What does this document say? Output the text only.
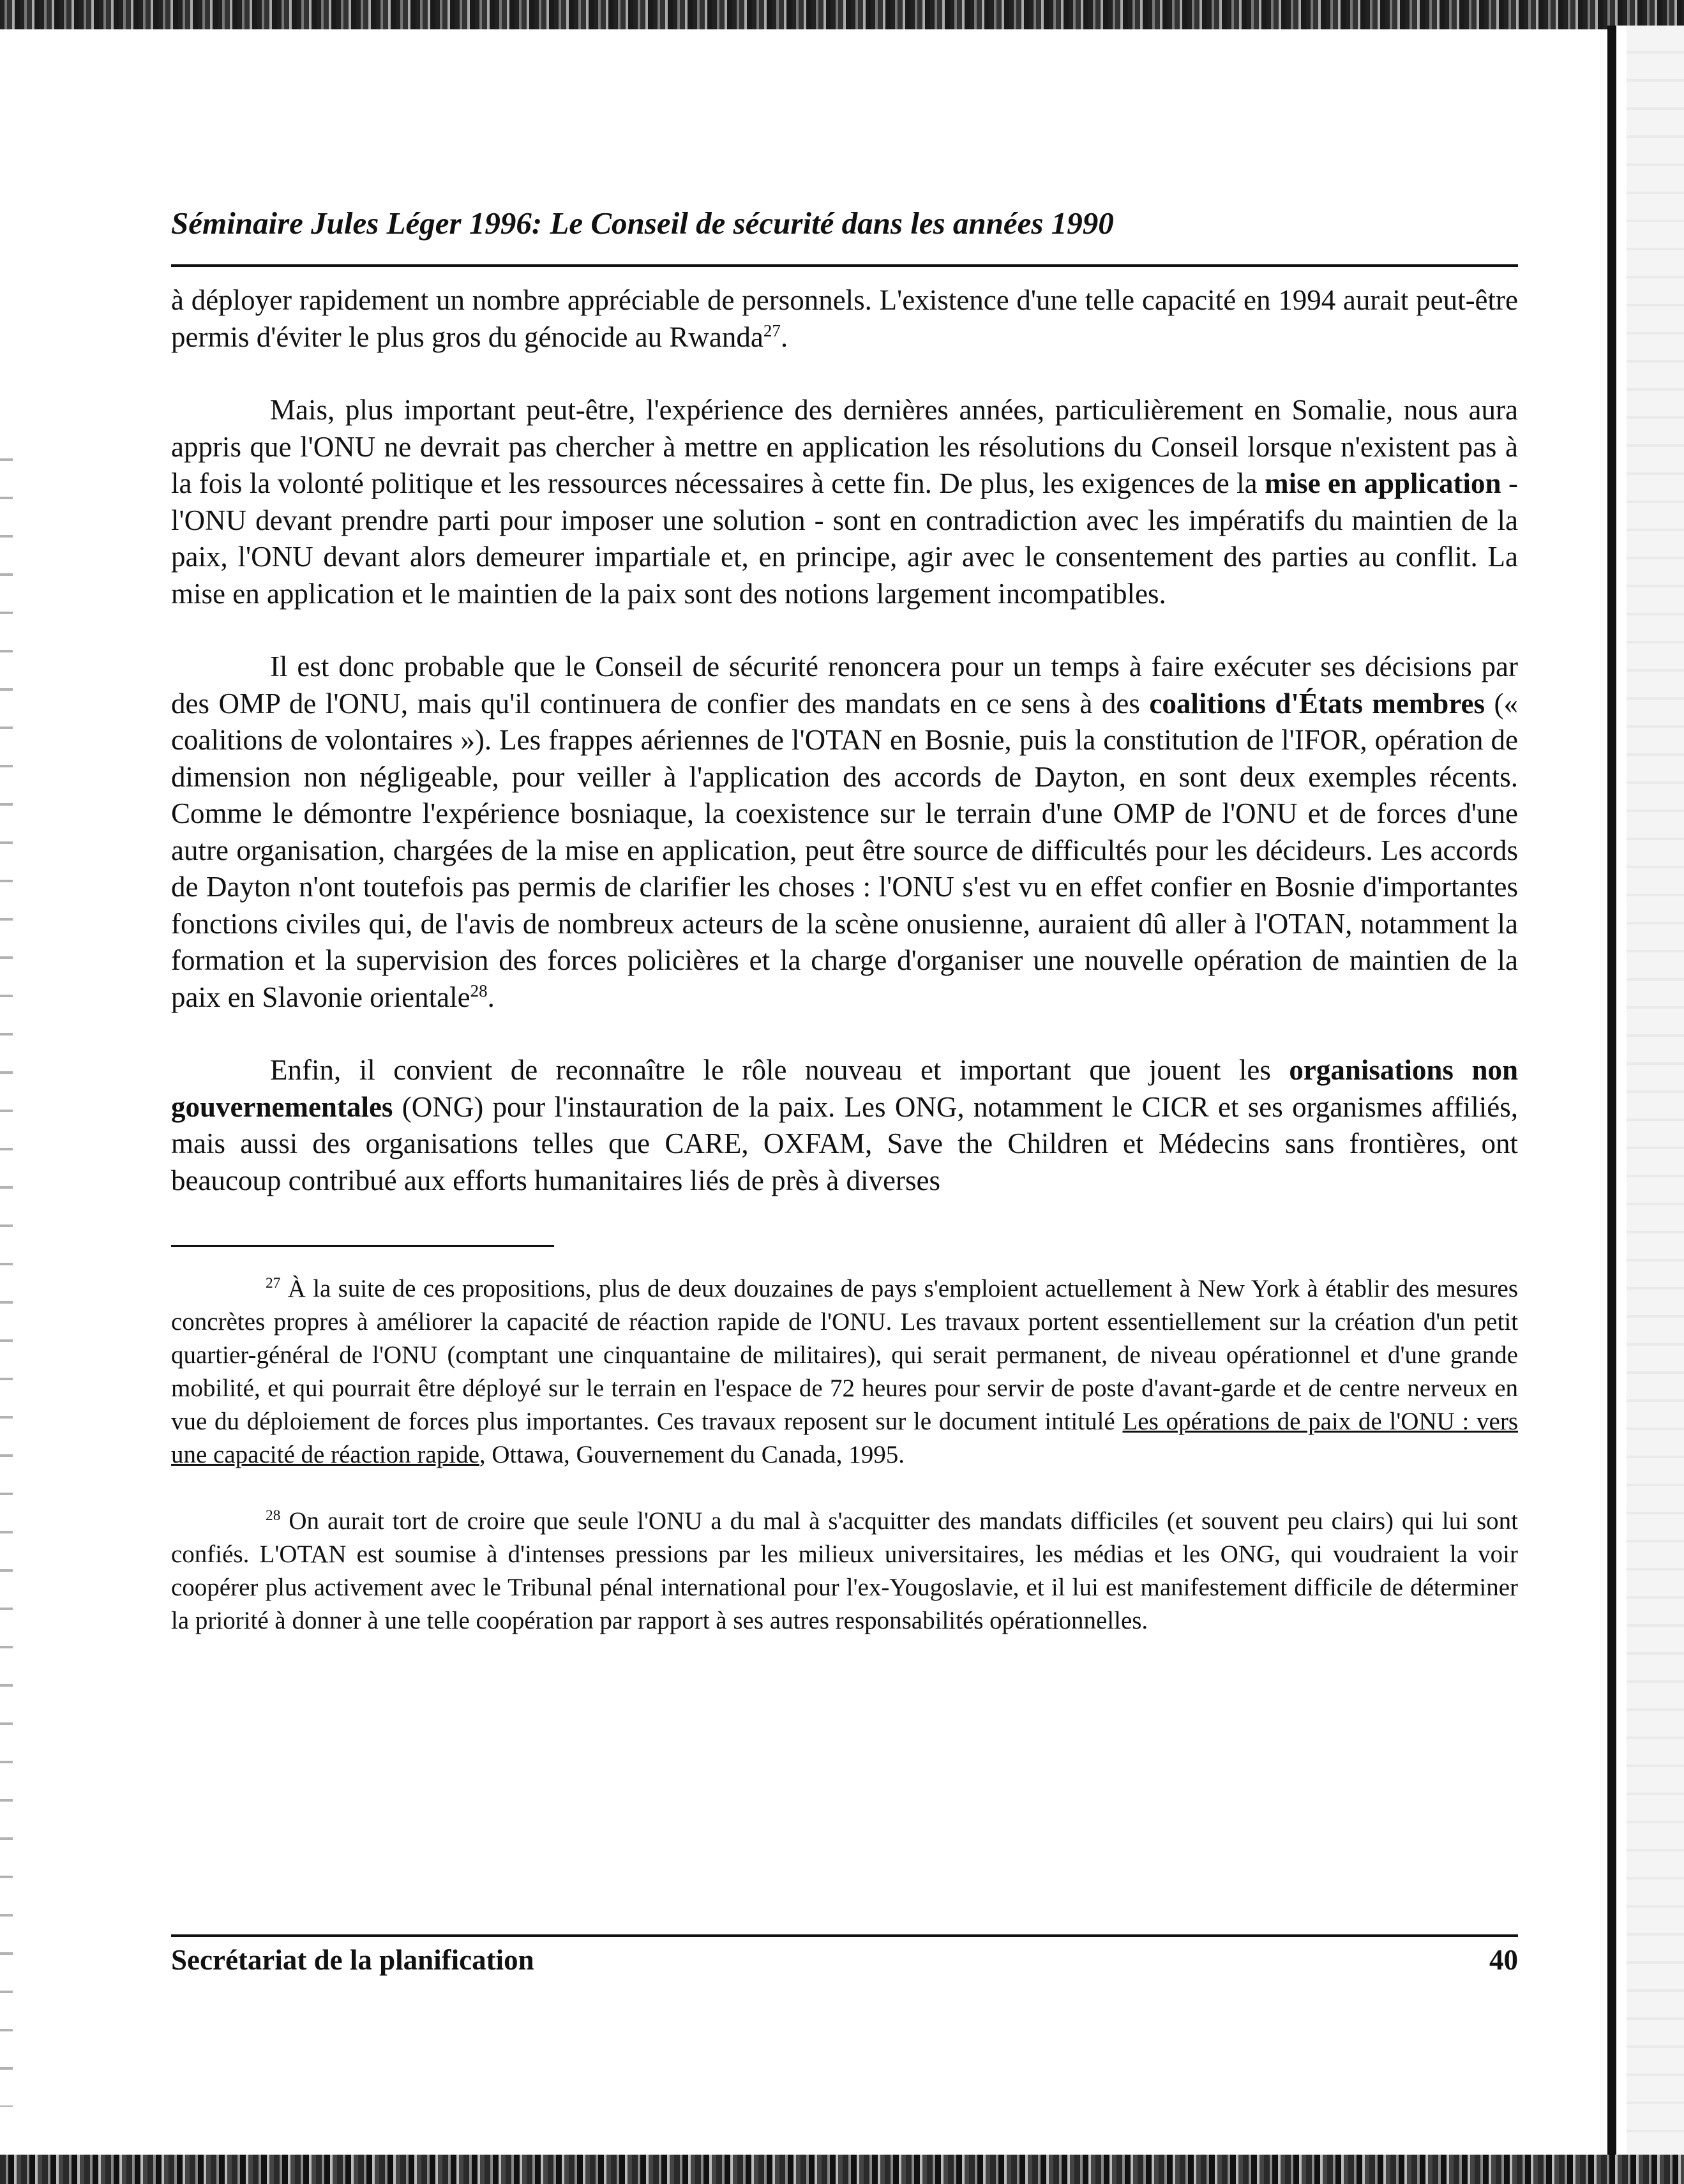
Séminaire Jules Léger 1996: Le Conseil de sécurité dans les années 1990

à déployer rapidement un nombre appréciable de personnels. L'existence d'une telle capacité en 1994 aurait peut-être permis d'éviter le plus gros du génocide au Rwanda$^{27}$.

Mais, plus important peut-être, l'expérience des dernières années, particulièrement en Somalie, nous aura appris que l'ONU ne devrait pas chercher à mettre en application les résolutions du Conseil lorsque n'existent pas à la fois la volonté politique et les ressources nécessaires à cette fin. De plus, les exigences de la mise en application - l'ONU devant prendre parti pour imposer une solution - sont en contradiction avec les impératifs du maintien de la paix, l'ONU devant alors demeurer impartiale et, en principe, agir avec le consentement des parties au conflit. La mise en application et le maintien de la paix sont des notions largement incompatibles.

Il est donc probable que le Conseil de sécurité renoncera pour un temps à faire exécuter ses décisions par des OMP de l'ONU, mais qu'il continuera de confier des mandats en ce sens à des coalitions d'États membres (« coalitions de volontaires »). Les frappes aériennes de l'OTAN en Bosnie, puis la constitution de l'IFOR, opération de dimension non négligeable, pour veiller à l'application des accords de Dayton, en sont deux exemples récents. Comme le démontre l'expérience bosniaque, la coexistence sur le terrain d'une OMP de l'ONU et de forces d'une autre organisation, chargées de la mise en application, peut être source de difficultés pour les décideurs. Les accords de Dayton n'ont toutefois pas permis de clarifier les choses : l'ONU s'est vu en effet confier en Bosnie d'importantes fonctions civiles qui, de l'avis de nombreux acteurs de la scène onusienne, auraient dû aller à l'OTAN, notamment la formation et la supervision des forces policières et la charge d'organiser une nouvelle opération de maintien de la paix en Slavonie orientale$^{28}$.

Enfin, il convient de reconnaître le rôle nouveau et important que jouent les organisations non gouvernementales (ONG) pour l'instauration de la paix. Les ONG, notamment le CICR et ses organismes affiliés, mais aussi des organisations telles que CARE, OXFAM, Save the Children et Médecins sans frontières, ont beaucoup contribué aux efforts humanitaires liés de près à diverses

$^{27}$ À la suite de ces propositions, plus de deux douzaines de pays s'emploient actuellement à New York à établir des mesures concrètes propres à améliorer la capacité de réaction rapide de l'ONU. Les travaux portent essentiellement sur la création d'un petit quartier-général de l'ONU (comptant une cinquantaine de militaires), qui serait permanent, de niveau opérationnel et d'une grande mobilité, et qui pourrait être déployé sur le terrain en l'espace de 72 heures pour servir de poste d'avant-garde et de centre nerveux en vue du déploiement de forces plus importantes. Ces travaux reposent sur le document intitulé Les opérations de paix de l'ONU : vers une capacité de réaction rapide, Ottawa, Gouvernement du Canada, 1995.

$^{28}$ On aurait tort de croire que seule l'ONU a du mal à s'acquitter des mandats difficiles (et souvent peu clairs) qui lui sont confiés. L'OTAN est soumise à d'intenses pressions par les milieux universitaires, les médias et les ONG, qui voudraient la voir coopérer plus activement avec le Tribunal pénal international pour l'ex-Yougoslavie, et il lui est manifestement difficile de déterminer la priorité à donner à une telle coopération par rapport à ses autres responsabilités opérationnelles.

Secrétariat de la planification	40
